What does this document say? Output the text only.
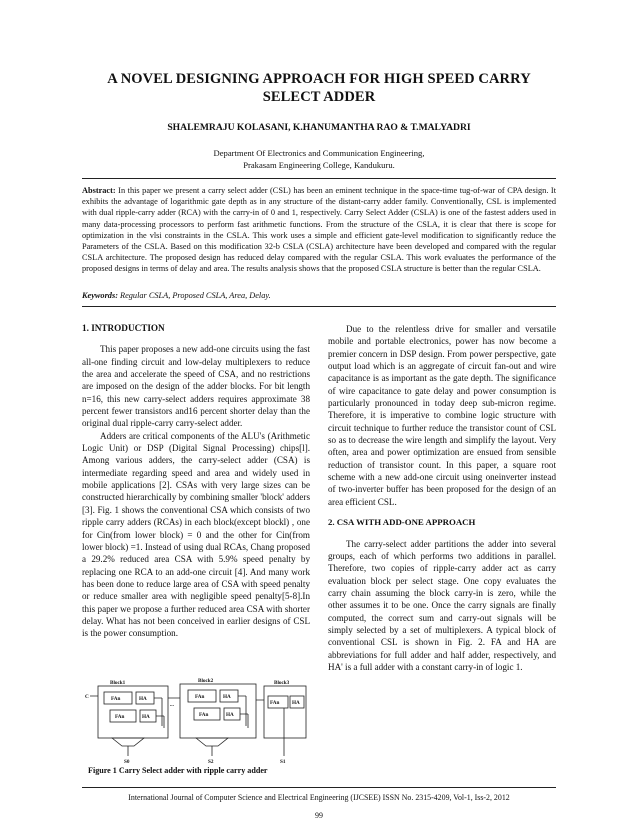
A NOVEL DESIGNING APPROACH FOR HIGH SPEED CARRY
SELECT ADDER
SHALEMRAJU KOLASANI, K.HANUMANTHA RAO & T.MALYADRI
Department Of Electronics and Communication Engineering,
Prakasam Engineering College, Kandukuru.
Abstract: In this paper we present a carry select adder (CSL) has been an eminent technique in the space-time tug-of-war of CPA design. It exhibits the advantage of logarithmic gate depth as in any structure of the distant-carry adder family. Conventionally, CSL is implemented with dual ripple-carry adder (RCA) with the carry-in of 0 and 1, respectively. Carry Select Adder (CSLA) is one of the fastest adders used in many data-processing processors to perform fast arithmetic functions. From the structure of the CSLA, it is clear that there is scope for optimization in the vlsi constraints in the CSLA. This work uses a simple and efficient gate-level modification to significantly reduce the Parameters of the CSLA. Based on this modification 32-b CSLA (CSLA) architecture have been developed and compared with the regular CSLA architecture. The proposed design has reduced delay compared with the regular CSLA. This work evaluates the performance of the proposed designs in terms of delay and area. The results analysis shows that the proposed CSLA structure is better than the regular CSLA.
Keywords: Regular CSLA, Proposed CSLA, Area, Delay.

1. INTRODUCTION

This paper proposes a new add-one circuits using the fast all-one finding circuit and low-delay multiplexers to reduce the area and accelerate the speed of CSA, and no restrictions are imposed on the design of the adder blocks. For bit length n=16, this new carry-select adders requires approximate 38 percent fewer transistors and16 percent shorter delay than the original dual ripple-carry carry-select adder.

Adders are critical components of the ALU's (Arithmetic Logic Unit) or DSP (Digital Signal Processing) chips[l]. Among various adders, the carry-select adder (CSA) is intermediate regarding speed and area and widely used in mobile applications [2]. CSAs with very large sizes can be constructed hierarchically by combining smaller 'block' adders [3]. Fig. 1 shows the conventional CSA which consists of two ripple carry adders (RCAs) in each block(except blockl) , one for Cin(from lower block) = 0 and the other for Cin(from lower block) =1. Instead of using dual RCAs, Chang proposed a 29.2% reduced area CSA with 5.9% speed penalty by replacing one RCA to an add-one circuit [4]. And many work has been done to reduce large area of CSA with speed penalty or reduce smaller area with negligible speed penalty[5-8].In this paper we propose a further reduced area CSA with shorter delay. What has not been conceived in earlier designs of CSL is the power consumption.

Due to the relentless drive for smaller and versatile mobile and portable electronics, power has now become a premier concern in DSP design. From power perspective, gate output load which is an aggregate of circuit fan-out and wire capacitance is as important as the gate depth. The significance of wire capacitance to gate delay and power consumption is particularly pronounced in today deep sub-micron regime. Therefore, it is imperative to combine logic structure with circuit technique to further reduce the transistor count of CSL so as to decrease the wire length and simplify the layout. Very often, area and power optimization are ensued from sensible reduction of transistor count. In this paper, a square root scheme with a new add-one circuit using oneinverter instead of two-inverter buffer has been proposed for the design of an area efficient CSL.

2. CSA WITH ADD-ONE APPROACH

The carry-select adder partitions the adder into several groups, each of which performs two additions in parallel. Therefore, two copies of ripple-carry adder act as carry evaluation block per select stage. One copy evaluates the carry chain assuming the block carry-in is zero, while the other assumes it to be one. Once the carry signals are finally computed, the correct sum and carry-out signals will be simply selected by a set of multiplexers. A typical block of conventional CSL is shown in Fig. 2. FA and HA are abbreviations for full adder and half adder, respectively, and HA' is a full adder with a constant carry-in of logic 1.

Block1	Block2	Block3
FAn	HA
FAn	HA
FAn	HA
FAn	HA
FAn HA
C
...
S0	S2	S1
Figure 1 Carry Select adder with ripple carry adder
International Journal of Computer Science and Electrical Engineering (IJCSEE) ISSN No. 2315-4209, Vol-1, Iss-2, 2012
99
